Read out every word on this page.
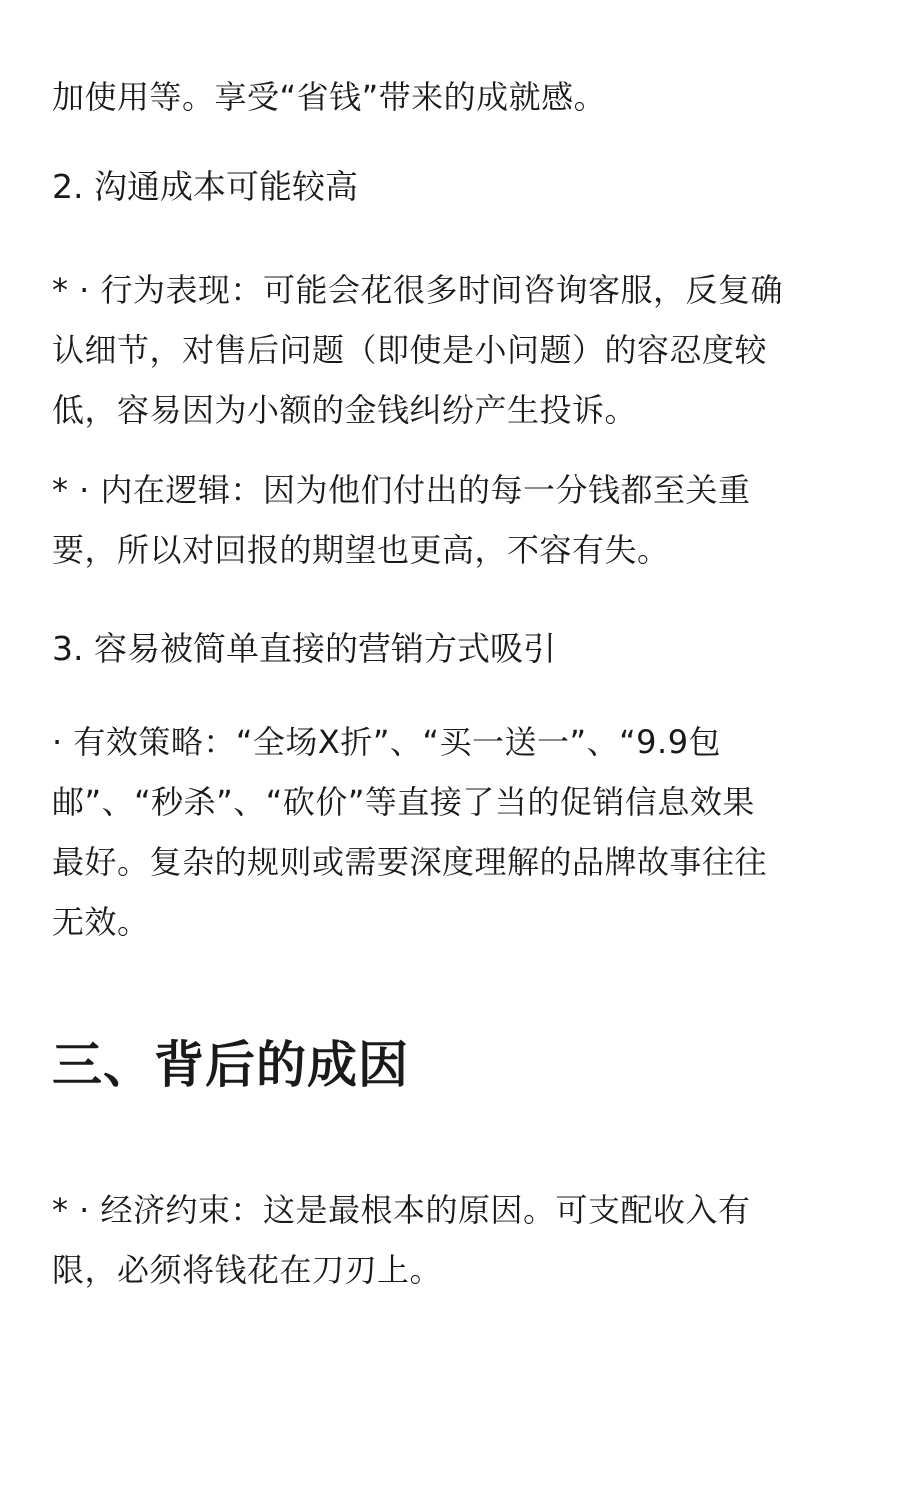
加使用等。享受“省钱”带来的成就感。

2. 沟通成本可能较高

* · 行为表现：可能会花很多时间咨询客服，反复确
认细节，对售后问题（即使是小问题）的容忍度较
低，容易因为小额的金钱纠纷产生投诉。

* · 内在逻辑：因为他们付出的每一分钱都至关重
要，所以对回报的期望也更高，不容有失。

3. 容易被简单直接的营销方式吸引

· 有效策略：“全场X折”、“买一送一”、“9.9包
邮”、“秒杀”、“砍价”等直接了当的促销信息效果
最好。复杂的规则或需要深度理解的品牌故事往往
无效。

三、背后的成因

* · 经济约束：这是最根本的原因。可支配收入有
限，必须将钱花在刀刃上。
